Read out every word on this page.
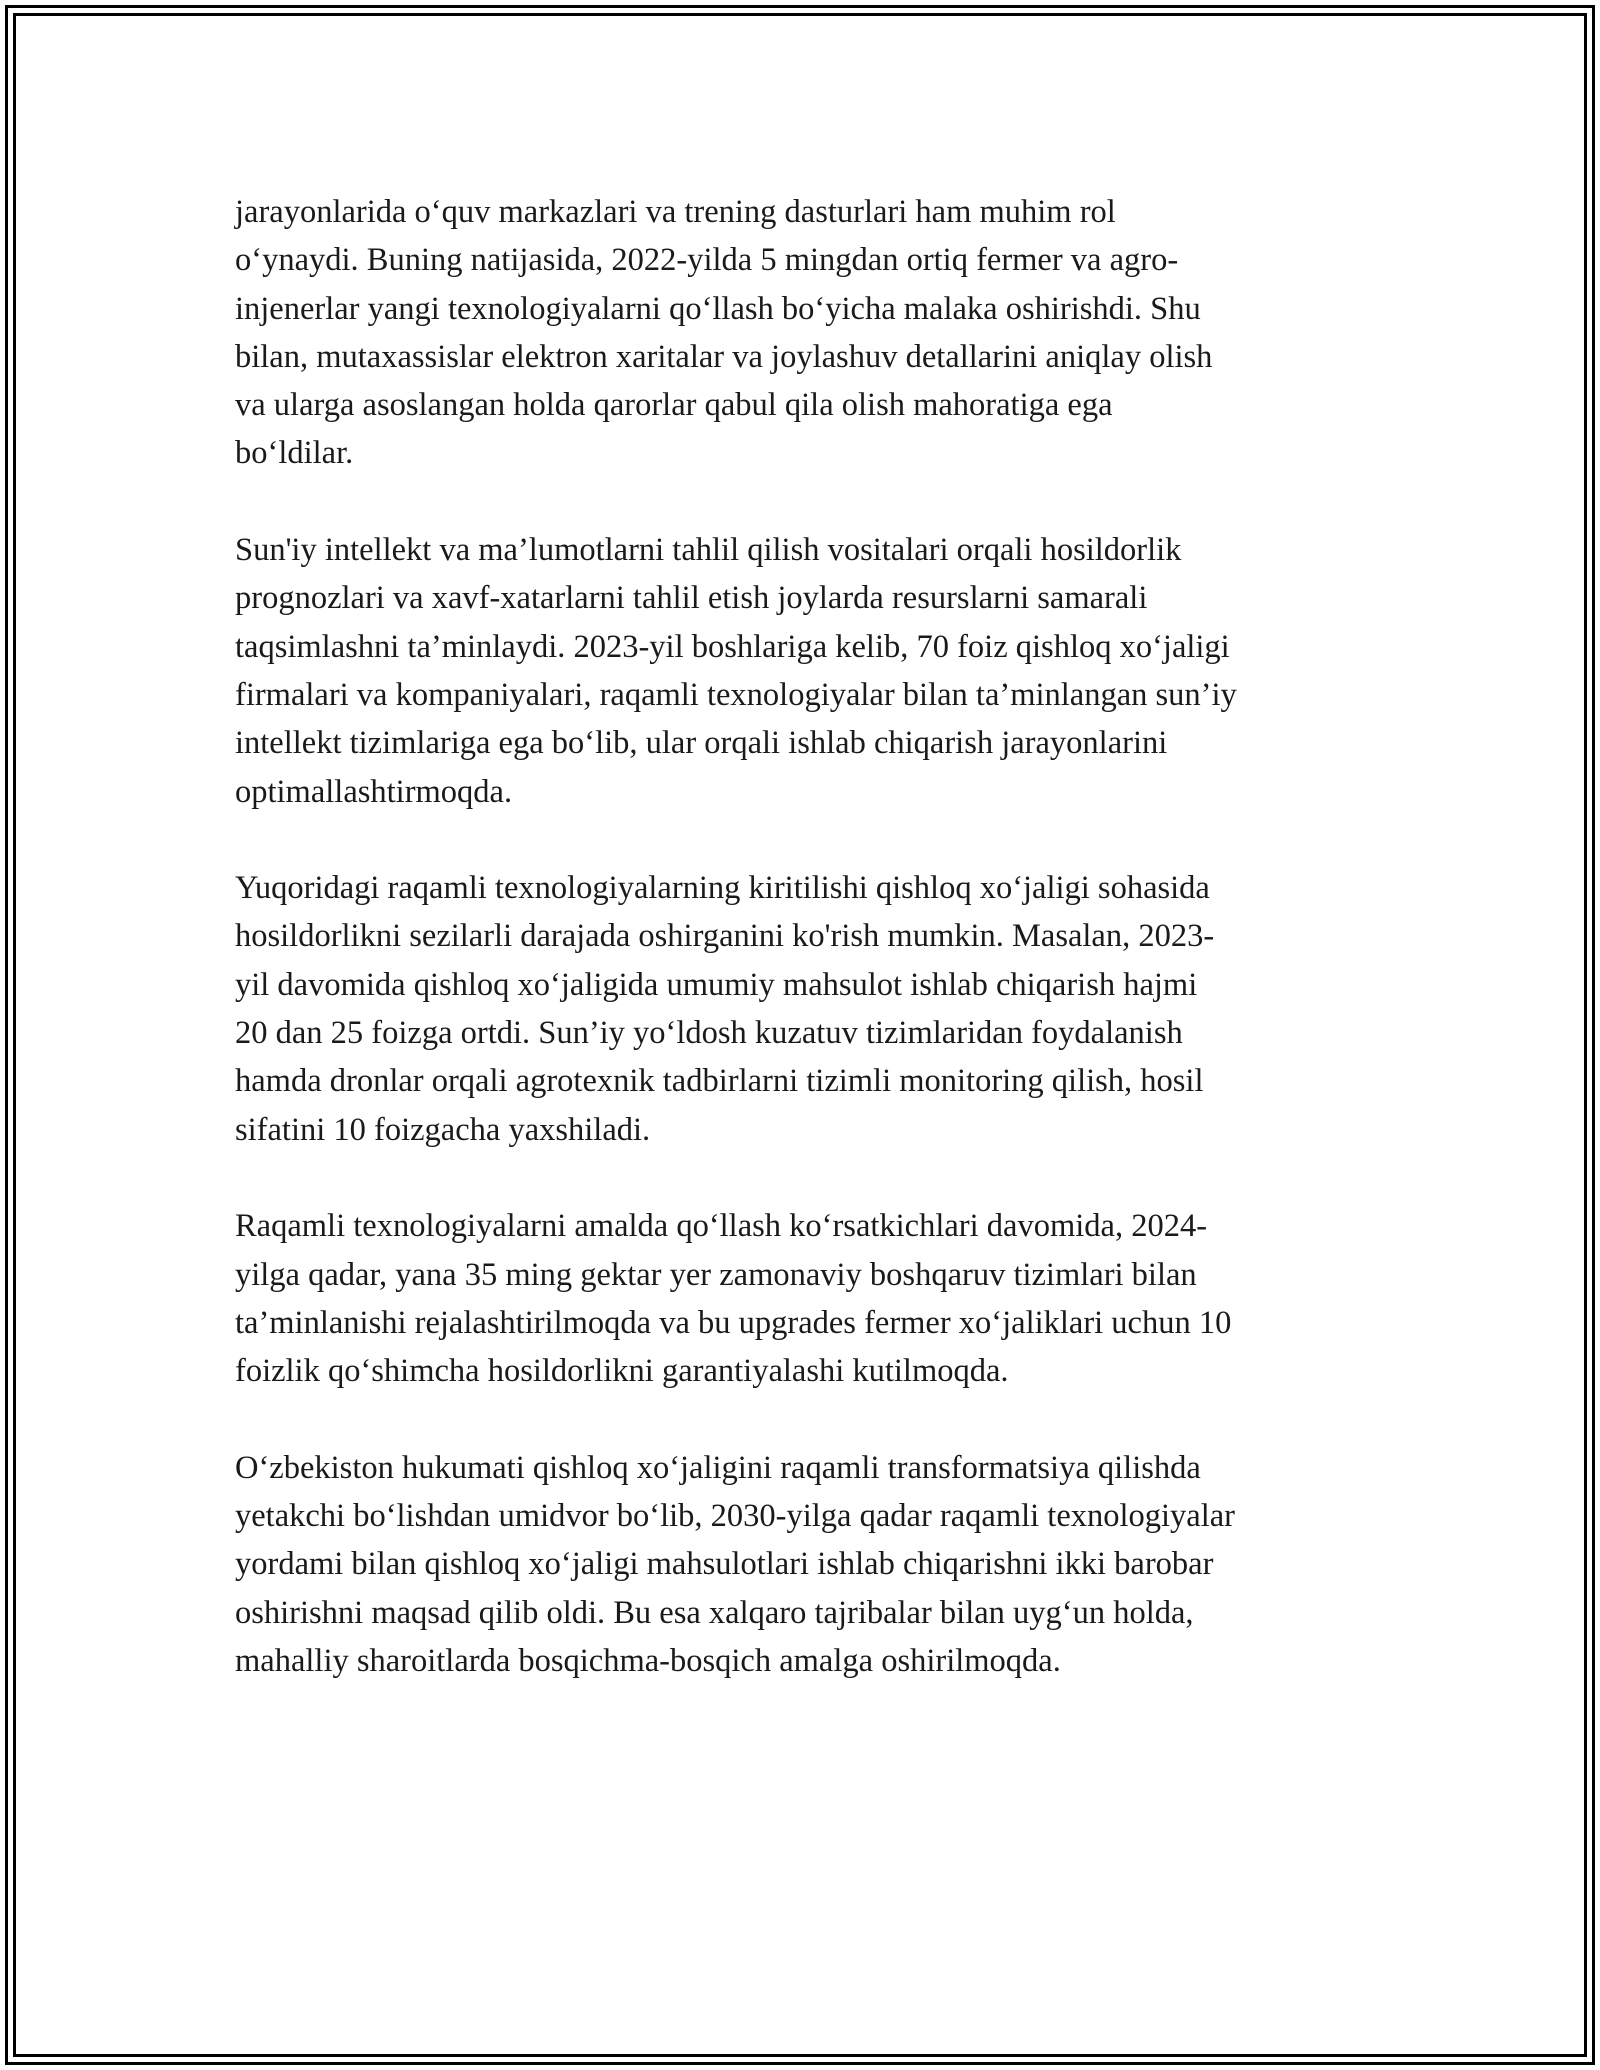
jarayonlarida o‘quv markazlari va trening dasturlari ham muhim rol
o‘ynaydi. Buning natijasida, 2022-yilda 5 mingdan ortiq fermer va agro-
injenerlar yangi texnologiyalarni qo‘llash bo‘yicha malaka oshirishdi. Shu
bilan, mutaxassislar elektron xaritalar va joylashuv detallarini aniqlay olish
va ularga asoslangan holda qarorlar qabul qila olish mahoratiga ega
bo‘ldilar.

Sun'iy intellekt va ma’lumotlarni tahlil qilish vositalari orqali hosildorlik
prognozlari va xavf-xatarlarni tahlil etish joylarda resurslarni samarali
taqsimlashni ta’minlaydi. 2023-yil boshlariga kelib, 70 foiz qishloq xo‘jaligi
firmalari va kompaniyalari, raqamli texnologiyalar bilan ta’minlangan sun’iy
intellekt tizimlariga ega bo‘lib, ular orqali ishlab chiqarish jarayonlarini
optimallashtirmoqda.

Yuqoridagi raqamli texnologiyalarning kiritilishi qishloq xo‘jaligi sohasida
hosildorlikni sezilarli darajada oshirganini ko'rish mumkin. Masalan, 2023-
yil davomida qishloq xo‘jaligida umumiy mahsulot ishlab chiqarish hajmi
20 dan 25 foizga ortdi. Sun’iy yo‘ldosh kuzatuv tizimlaridan foydalanish
hamda dronlar orqali agrotexnik tadbirlarni tizimli monitoring qilish, hosil
sifatini 10 foizgacha yaxshiladi.

Raqamli texnologiyalarni amalda qo‘llash ko‘rsatkichlari davomida, 2024-
yilga qadar, yana 35 ming gektar yer zamonaviy boshqaruv tizimlari bilan
ta’minlanishi rejalashtirilmoqda va bu upgrades fermer xo‘jaliklari uchun 10
foizlik qo‘shimcha hosildorlikni garantiyalashi kutilmoqda.

O‘zbekiston hukumati qishloq xo‘jaligini raqamli transformatsiya qilishda
yetakchi bo‘lishdan umidvor bo‘lib, 2030-yilga qadar raqamli texnologiyalar
yordami bilan qishloq xo‘jaligi mahsulotlari ishlab chiqarishni ikki barobar
oshirishni maqsad qilib oldi. Bu esa xalqaro tajribalar bilan uyg‘un holda,
mahalliy sharoitlarda bosqichma-bosqich amalga oshirilmoqda.
